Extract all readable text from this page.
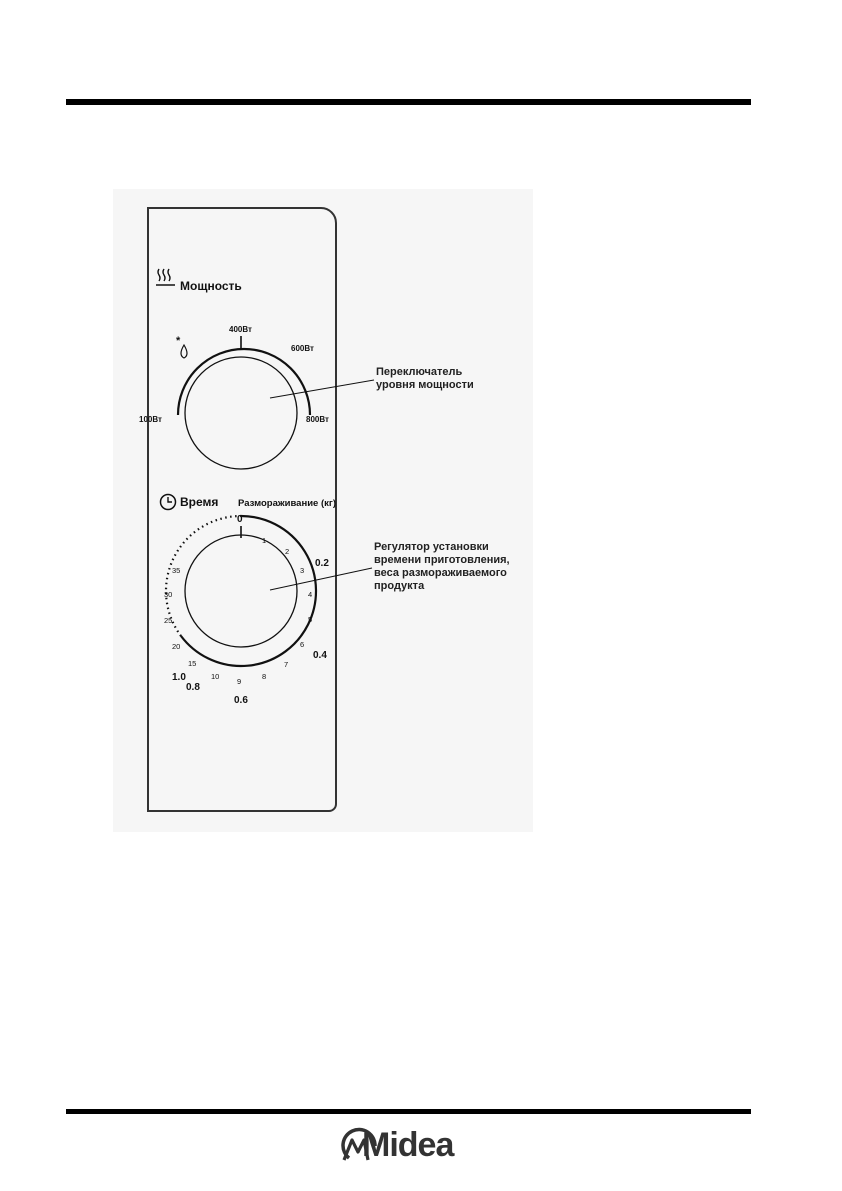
Мощность
*
100Вт
400Вт
600Вт
800Вт
Время Размораживание (кг)
0
1
2
3
4
5
6
7
8
9
10
15
20
25
30
35
0.2
0.4
0.6
0.8
1.0
Переключатель
уровня мощности
Регулятор установки
времени приготовления,
веса размораживаемого
продукта
Midea
